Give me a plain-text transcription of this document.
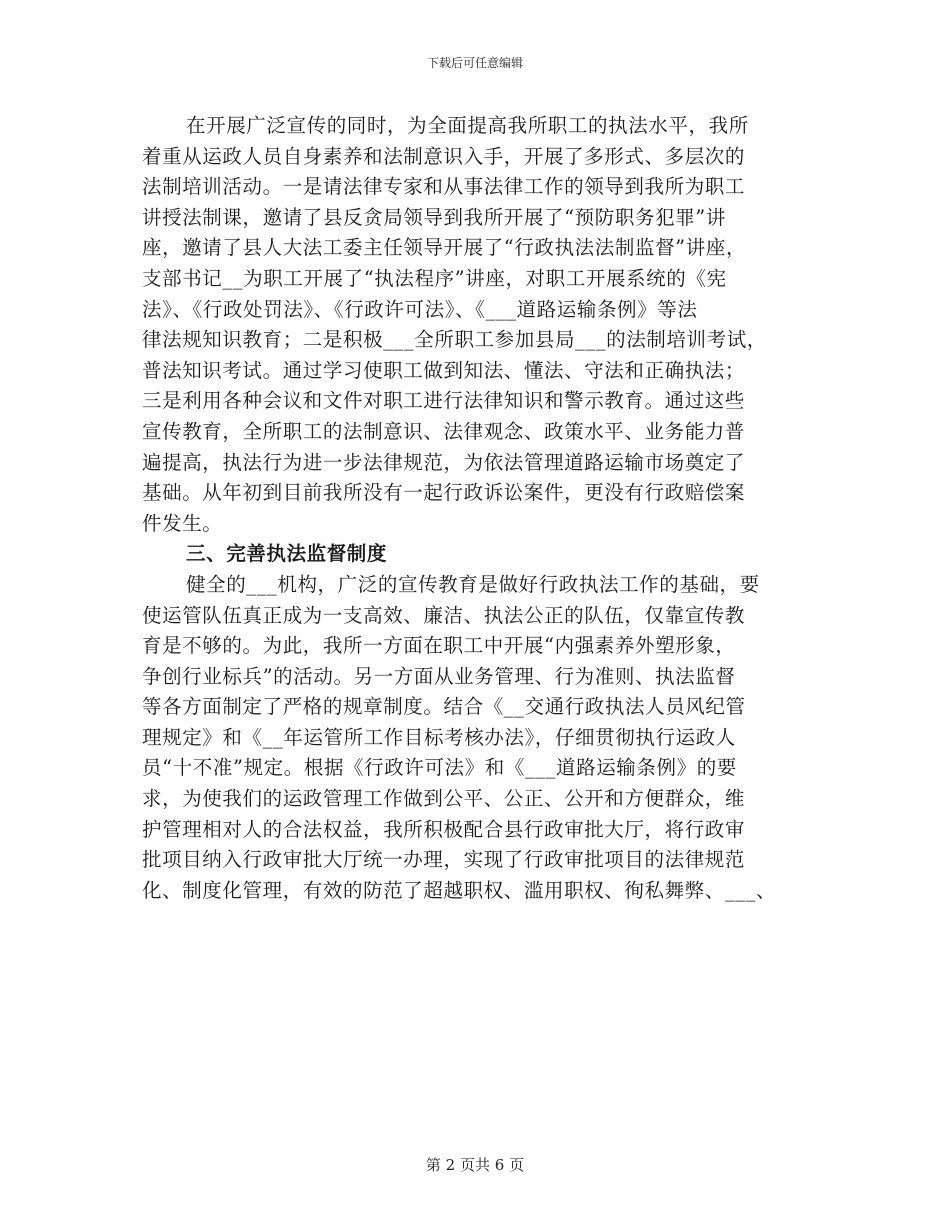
下载后可任意编辑
在开展广泛宣传的同时，为全面提高我所职工的执法水平，我所
着重从运政人员自身素养和法制意识入手，开展了多形式、多层次的
法制培训活动。一是请法律专家和从事法律工作的领导到我所为职工
讲授法制课，邀请了县反贪局领导到我所开展了“预防职务犯罪”讲
座，邀请了县人大法工委主任领导开展了“行政执法法制监督”讲座，
支部书记__为职工开展了“执法程序”讲座，对职工开展系统的《宪
法》、《行政处罚法》、《行政许可法》、《___道路运输条例》等法
律法规知识教育；二是积极___全所职工参加县局___的法制培训考试，
普法知识考试。通过学习使职工做到知法、懂法、守法和正确执法；
三是利用各种会议和文件对职工进行法律知识和警示教育。通过这些
宣传教育，全所职工的法制意识、法律观念、政策水平、业务能力普
遍提高，执法行为进一步法律规范，为依法管理道路运输市场奠定了
基础。从年初到目前我所没有一起行政诉讼案件，更没有行政赔偿案
件发生。
三、完善执法监督制度
健全的___机构，广泛的宣传教育是做好行政执法工作的基础，要
使运管队伍真正成为一支高效、廉洁、执法公正的队伍，仅靠宣传教
育是不够的。为此，我所一方面在职工中开展“内强素养外塑形象，
争创行业标兵”的活动。另一方面从业务管理、行为准则、执法监督
等各方面制定了严格的规章制度。结合《__交通行政执法人员风纪管
理规定》和《__年运管所工作目标考核办法》，仔细贯彻执行运政人
员“十不准”规定。根据《行政许可法》和《___道路运输条例》的要
求，为使我们的运政管理工作做到公平、公正、公开和方便群众，维
护管理相对人的合法权益，我所积极配合县行政审批大厅，将行政审
批项目纳入行政审批大厅统一办理，实现了行政审批项目的法律规范
化、制度化管理，有效的防范了超越职权、滥用职权、徇私舞弊、___、
第 2 页共 6 页
